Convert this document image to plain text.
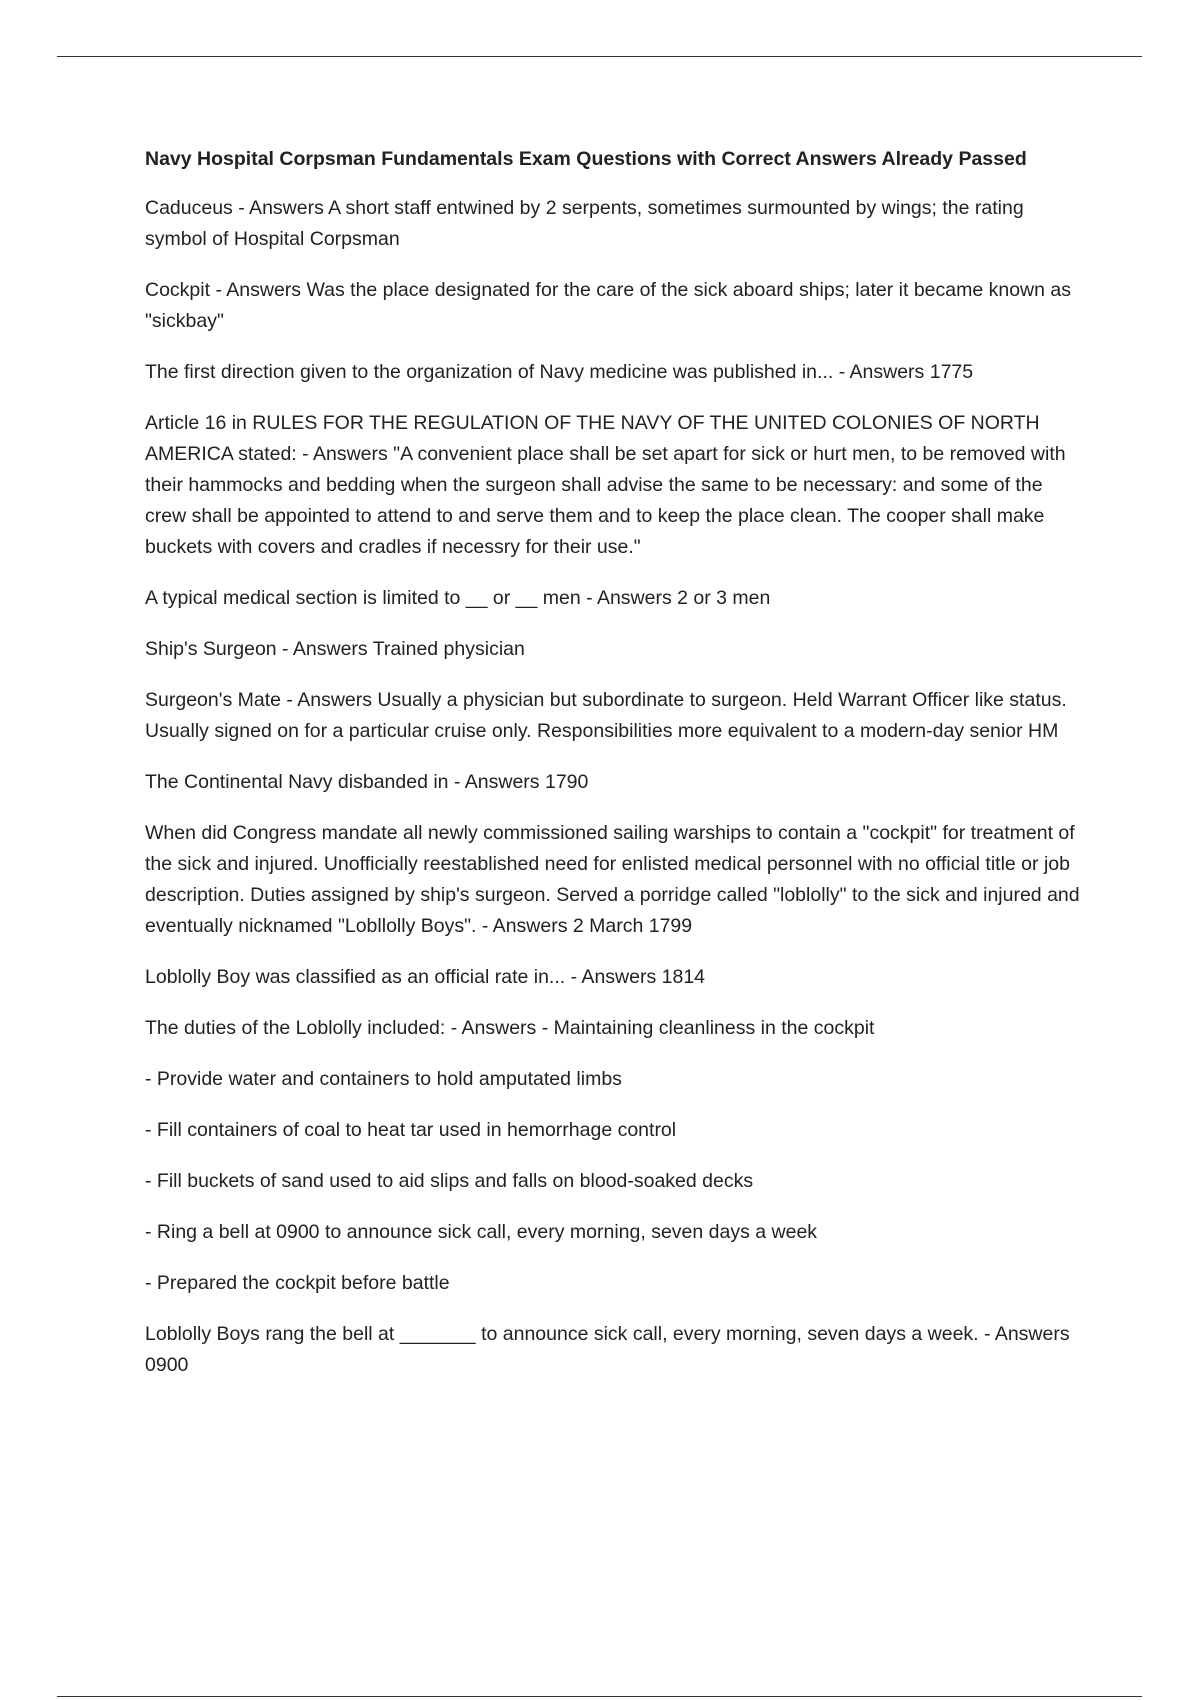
Navy Hospital Corpsman Fundamentals Exam Questions with Correct Answers Already Passed

Caduceus - Answers A short staff entwined by 2 serpents, sometimes surmounted by wings; the rating symbol of Hospital Corpsman

Cockpit - Answers Was the place designated for the care of the sick aboard ships; later it became known as "sickbay"

The first direction given to the organization of Navy medicine was published in... - Answers 1775

Article 16 in RULES FOR THE REGULATION OF THE NAVY OF THE UNITED COLONIES OF NORTH AMERICA stated: - Answers "A convenient place shall be set apart for sick or hurt men, to be removed with their hammocks and bedding when the surgeon shall advise the same to be necessary: and some of the crew shall be appointed to attend to and serve them and to keep the place clean. The cooper shall make buckets with covers and cradles if necessry for their use."

A typical medical section is limited to __ or __ men - Answers 2 or 3 men

Ship's Surgeon - Answers Trained physician

Surgeon's Mate - Answers Usually a physician but subordinate to surgeon. Held Warrant Officer like status. Usually signed on for a particular cruise only. Responsibilities more equivalent to a modern-day senior HM

The Continental Navy disbanded in - Answers 1790

When did Congress mandate all newly commissioned sailing warships to contain a "cockpit" for treatment of the sick and injured. Unofficially reestablished need for enlisted medical personnel with no official title or job description. Duties assigned by ship's surgeon. Served a porridge called "loblolly" to the sick and injured and eventually nicknamed "Lobllolly Boys". - Answers 2 March 1799

Loblolly Boy was classified as an official rate in... - Answers 1814

The duties of the Loblolly included: - Answers - Maintaining cleanliness in the cockpit

- Provide water and containers to hold amputated limbs

- Fill containers of coal to heat tar used in hemorrhage control

- Fill buckets of sand used to aid slips and falls on blood-soaked decks

- Ring a bell at 0900 to announce sick call, every morning, seven days a week

- Prepared the cockpit before battle

Loblolly Boys rang the bell at _______ to announce sick call, every morning, seven days a week. - Answers 0900
